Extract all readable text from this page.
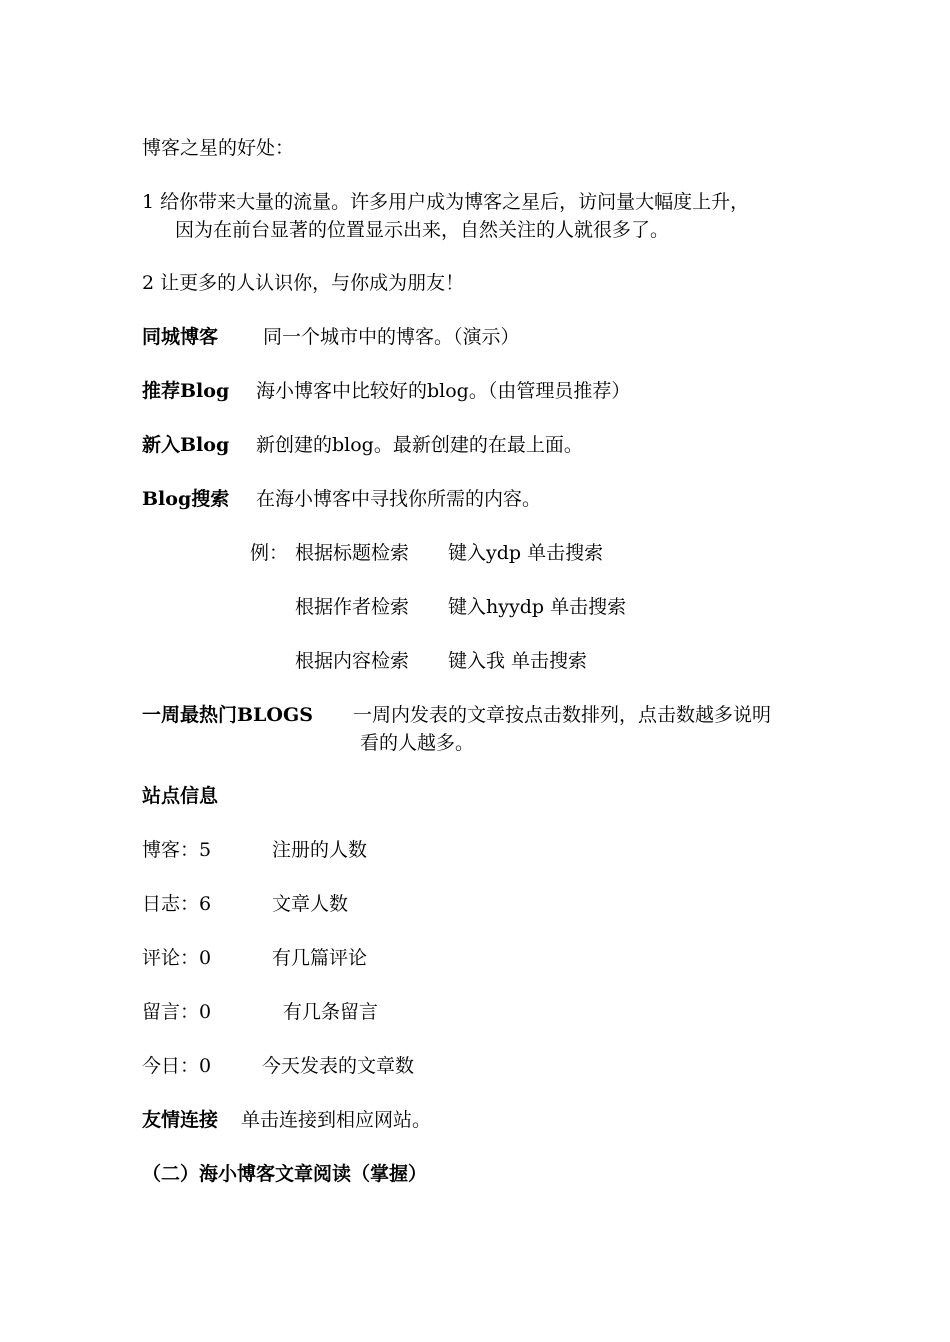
博客之星的好处：
1 给你带来大量的流量。许多用户成为博客之星后，访问量大幅度上升，
因为在前台显著的位置显示出来，自然关注的人就很多了。
2 让更多的人认识你，与你成为朋友！
同城博客 同一个城市中的博客。（演示）
推荐Blog 海小博客中比较好的blog。（由管理员推荐）
新入Blog 新创建的blog。最新创建的在最上面。
Blog搜索 在海小博客中寻找你所需的内容。
例： 根据标题检索 键入ydp 单击搜索
根据作者检索 键入hyydp 单击搜索
根据内容检索 键入我 单击搜索
一周最热门BLOGS 一周内发表的文章按点击数排列，点击数越多说明
看的人越多。
站点信息
博客：5	注册的人数
日志：6	文章人数
评论：0	有几篇评论
留言：0	有几条留言
今日：0	今天发表的文章数
友情连接 单击连接到相应网站。
（二）海小博客文章阅读（掌握）
